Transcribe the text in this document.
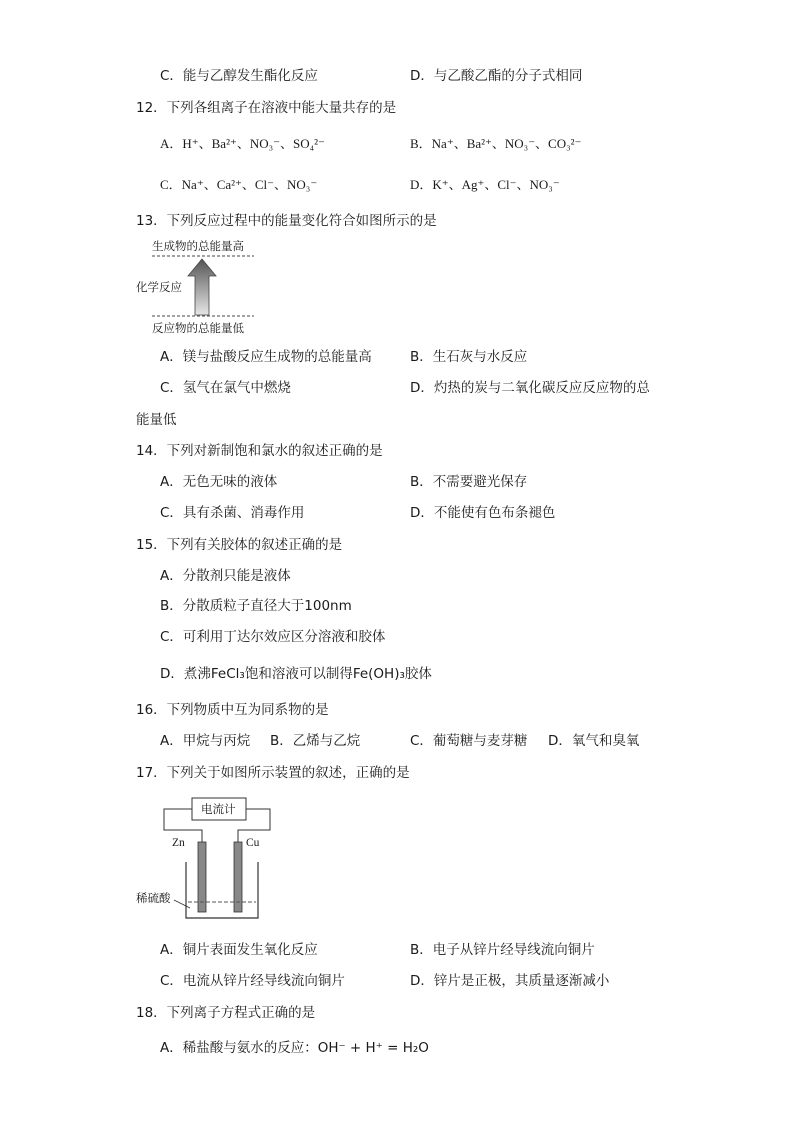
C．能与乙醇发生酯化反应	D．与乙酸乙酯的分子式相同
12．下列各组离子在溶液中能大量共存的是
A．H⁺、Ba²⁺、NO₃⁻、SO₄²⁻	B．Na⁺、Ba²⁺、NO₃⁻、CO₃²⁻
C．Na⁺、Ca²⁺、Cl⁻、NO₃⁻	D．K⁺、Ag⁺、Cl⁻、NO₃⁻
13．下列反应过程中的能量变化符合如图所示的是
生成物的总能量高
化学反应
反应物的总能量低
A．镁与盐酸反应生成物的总能量高	B．生石灰与水反应
C．氢气在氯气中燃烧	D．灼热的炭与二氧化碳反应反应物的总
能量低
14．下列对新制饱和氯水的叙述正确的是
A．无色无味的液体	B．不需要避光保存
C．具有杀菌、消毒作用	D．不能使有色布条褪色
15．下列有关胶体的叙述正确的是
A．分散剂只能是液体
B．分散质粒子直径大于100nm
C．可利用丁达尔效应区分溶液和胶体
D．煮沸FeCl₃饱和溶液可以制得Fe(OH)₃胶体
16．下列物质中互为同系物的是
A．甲烷与丙烷 B．乙烯与乙烷	C．葡萄糖与麦芽糖 D．氧气和臭氧
17．下列关于如图所示装置的叙述，正确的是
电流计
Zn	Cu
稀硫酸
A．铜片表面发生氧化反应	B．电子从锌片经导线流向铜片
C．电流从锌片经导线流向铜片	D．锌片是正极，其质量逐渐减小
18．下列离子方程式正确的是
A．稀盐酸与氨水的反应：OH⁻ + H⁺ = H₂O
